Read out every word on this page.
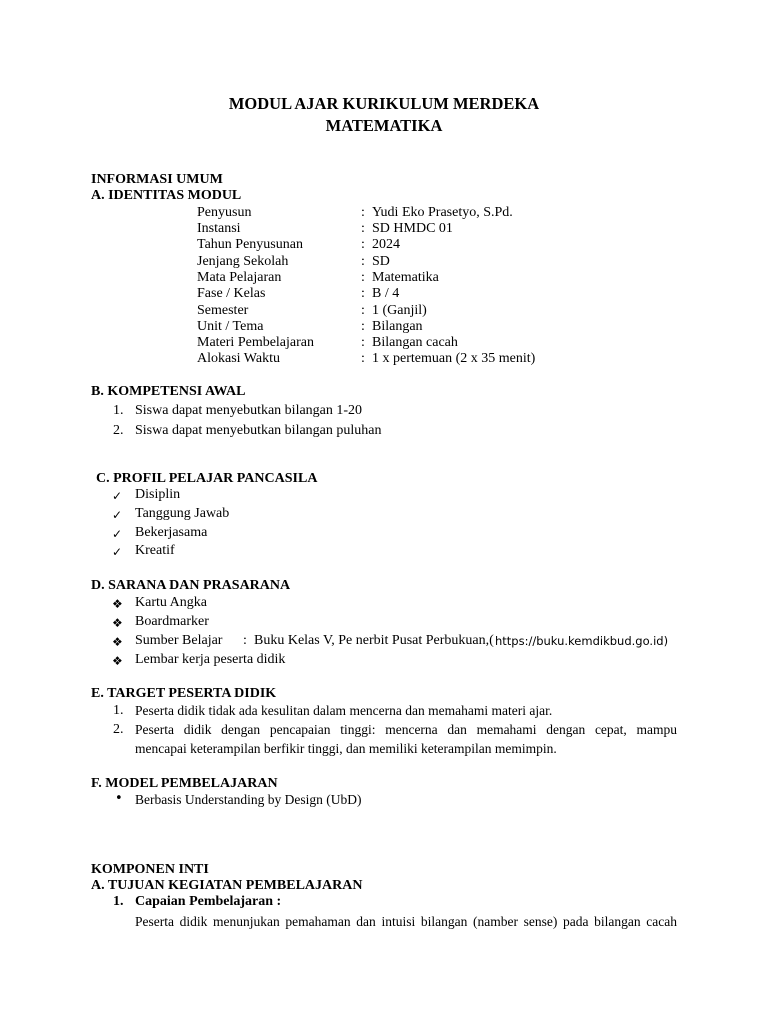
MODUL AJAR KURIKULUM MERDEKA
MATEMATIKA
INFORMASI UMUM
A. IDENTITAS MODUL
Penyusun	: Yudi Eko Prasetyo, S.Pd.
Instansi	: SD HMDC 01
Tahun Penyusunan	: 2024
Jenjang Sekolah	: SD
Mata Pelajaran	: Matematika
Fase / Kelas	: B / 4
Semester	: 1 (Ganjil)
Unit / Tema	: Bilangan
Materi Pembelajaran	: Bilangan cacah
Alokasi Waktu	: 1 x pertemuan (2 x 35 menit)
B. KOMPETENSI AWAL
1. Siswa dapat menyebutkan bilangan 1-20
2. Siswa dapat menyebutkan bilangan puluhan
C. PROFIL PELAJAR PANCASILA
✓ Disiplin
✓ Tanggung Jawab
✓ Bekerjasama
✓ Kreatif
D. SARANA DAN PRASARANA
❖ Kartu Angka
❖ Boardmarker
❖ Sumber Belajar : Buku Kelas V, Pe nerbit Pusat Perbukuan,( https://buku.kemdikbud.go.id)
❖ Lembar kerja peserta didik
E. TARGET PESERTA DIDIK
1. Peserta didik tidak ada kesulitan dalam mencerna dan memahami materi ajar.
2. Peserta didik dengan pencapaian tinggi: mencerna dan memahami dengan cepat, mampu
mencapai keterampilan berfikir tinggi, dan memiliki keterampilan memimpin.
F. MODEL PEMBELAJARAN
• Berbasis Understanding by Design (UbD)
KOMPONEN INTI
A. TUJUAN KEGIATAN PEMBELAJARAN
1. Capaian Pembelajaran :
Peserta didik menunjukan pemahaman dan intuisi bilangan (namber sense) pada bilangan cacah
